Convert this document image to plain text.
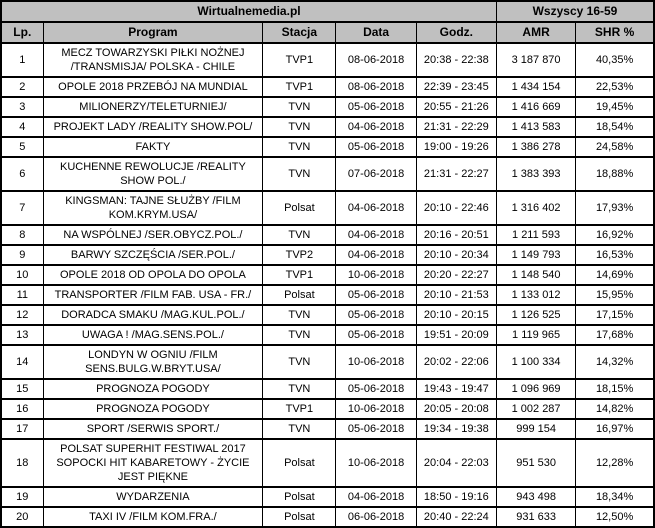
Wirtualnemedia.pl					Wszyscy 16-59	
Lp.	Program	Stacja	Data	Godz.	AMR	SHR %
1	MECZ TOWARZYSKI PIŁKI NOŻNEJ /TRANSMISJA/ POLSKA - CHILE	TVP1	08-06-2018	20:38 - 22:38	3 187 870	40,35%
2	OPOLE 2018 PRZEBÓJ NA MUNDIAL	TVP1	08-06-2018	22:39 - 23:45	1 434 154	22,53%
3	MILIONERZY/TELETURNIEJ/	TVN	05-06-2018	20:55 - 21:26	1 416 669	19,45%
4	PROJEKT LADY /REALITY SHOW.POL/	TVN	04-06-2018	21:31 - 22:29	1 413 583	18,54%
5	FAKTY	TVN	05-06-2018	19:00 - 19:26	1 386 278	24,58%
6	KUCHENNE REWOLUCJE /REALITY SHOW POL./	TVN	07-06-2018	21:31 - 22:27	1 383 393	18,88%
7	KINGSMAN: TAJNE SŁUŻBY /FILM KOM.KRYM.USA/	Polsat	04-06-2018	20:10 - 22:46	1 316 402	17,93%
8	NA WSPÓLNEJ /SER.OBYCZ.POL./	TVN	04-06-2018	20:16 - 20:51	1 211 593	16,92%
9	BARWY SZCZĘŚCIA /SER.POL./	TVP2	04-06-2018	20:10 - 20:34	1 149 793	16,53%
10	OPOLE 2018 OD OPOLA DO OPOLA	TVP1	10-06-2018	20:20 - 22:27	1 148 540	14,69%
11	TRANSPORTER /FILM FAB. USA - FR./	Polsat	05-06-2018	20:10 - 21:53	1 133 012	15,95%
12	DORADCA SMAKU /MAG.KUL.POL./	TVN	05-06-2018	20:10 - 20:15	1 126 525	17,15%
13	UWAGA ! /MAG.SENS.POL./	TVN	05-06-2018	19:51 - 20:09	1 119 965	17,68%
14	LONDYN W OGNIU /FILM SENS.BULG.W.BRYT.USA/	TVN	10-06-2018	20:02 - 22:06	1 100 334	14,32%
15	PROGNOZA POGODY	TVN	05-06-2018	19:43 - 19:47	1 096 969	18,15%
16	PROGNOZA POGODY	TVP1	10-06-2018	20:05 - 20:08	1 002 287	14,82%
17	SPORT /SERWIS SPORT./	TVN	05-06-2018	19:34 - 19:38	999 154	16,97%
18	POLSAT SUPERHIT FESTIWAL 2017 SOPOCKI HIT KABARETOWY - ŻYCIE JEST PIĘKNE	Polsat	10-06-2018	20:04 - 22:03	951 530	12,28%
19	WYDARZENIA	Polsat	04-06-2018	18:50 - 19:16	943 498	18,34%
20	TAXI IV /FILM KOM.FRA./	Polsat	06-06-2018	20:40 - 22:24	931 633	12,50%
